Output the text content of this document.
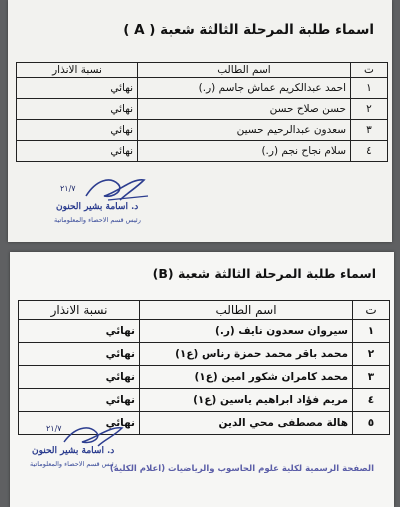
اسماء طلبة المرحلة الثالثة شعبة ( A )
ت	اسم الطالب	نسبة الانذار
١	احمد عبدالكريم عماش جاسم (ر.)	نهائي
٢	حسن صلاح حسن	نهائي
٣	سعدون عبدالرحيم حسين	نهائي
٤	سلام نجاح نجم (ر.)	نهائي
٢١/٧
د. اسامة بشير الحنون
رئيس قسم الاحصاء والمعلوماتية
اسماء طلبة المرحلة الثالثة شعبة (B)
ت	اسم الطالب	نسبة الانذار
١	سيروان سعدون نايف (ر.)	نهائي
٢	محمد باقر محمد حمزة رناس (ع١)	نهائي
٣	محمد كامران شكور امين (ع١)	نهائي
٤	مريم فؤاد ابراهيم ياسين (ع١)	نهائي
٥	هالة مصطفى محي الدين	نهائي
٢١/٧
د. اسامة بشير الحنون
رئيس قسم الاحصاء والمعلوماتية
الصفحة الرسمية لكلية علوم الحاسوب والرياضيات (اعلام الكلية)
